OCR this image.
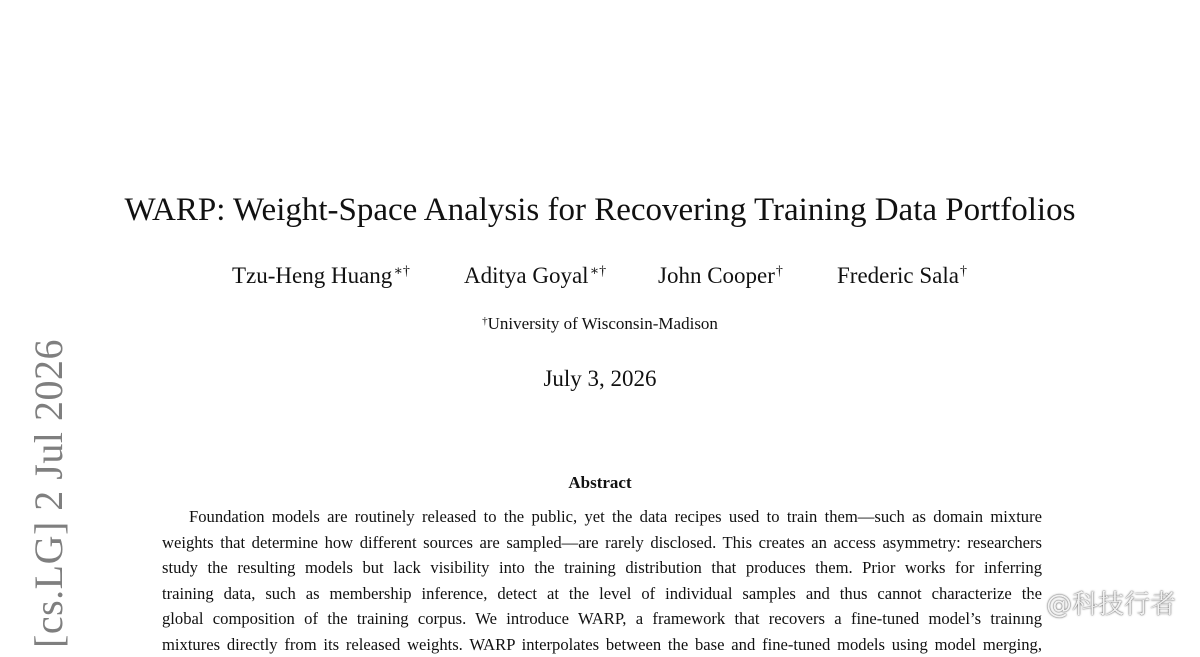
WARP: Weight-Space Analysis for Recovering Training Data Portfolios
Tzu-Heng Huang∗† Aditya Goyal∗† John Cooper† Frederic Sala†
†University of Wisconsin-Madison
July 3, 2026
Abstract
Foundation models are routinely released to the public, yet the data recipes used to train them—such as domain mixture
weights that determine how different sources are sampled—are rarely disclosed. This creates an access asymmetry: researchers
study the resulting models but lack visibility into the training distribution that produces them. Prior works for inferring
training data, such as membership inference, detect at the level of individual samples and thus cannot characterize the
global composition of the training corpus. We introduce WARP, a framework that recovers a fine-tuned model’s training
mixtures directly from its released weights. WARP interpolates between the base and fine-tuned models using model merging,
[cs.LG] 2 Jul 2026	@科技行者
